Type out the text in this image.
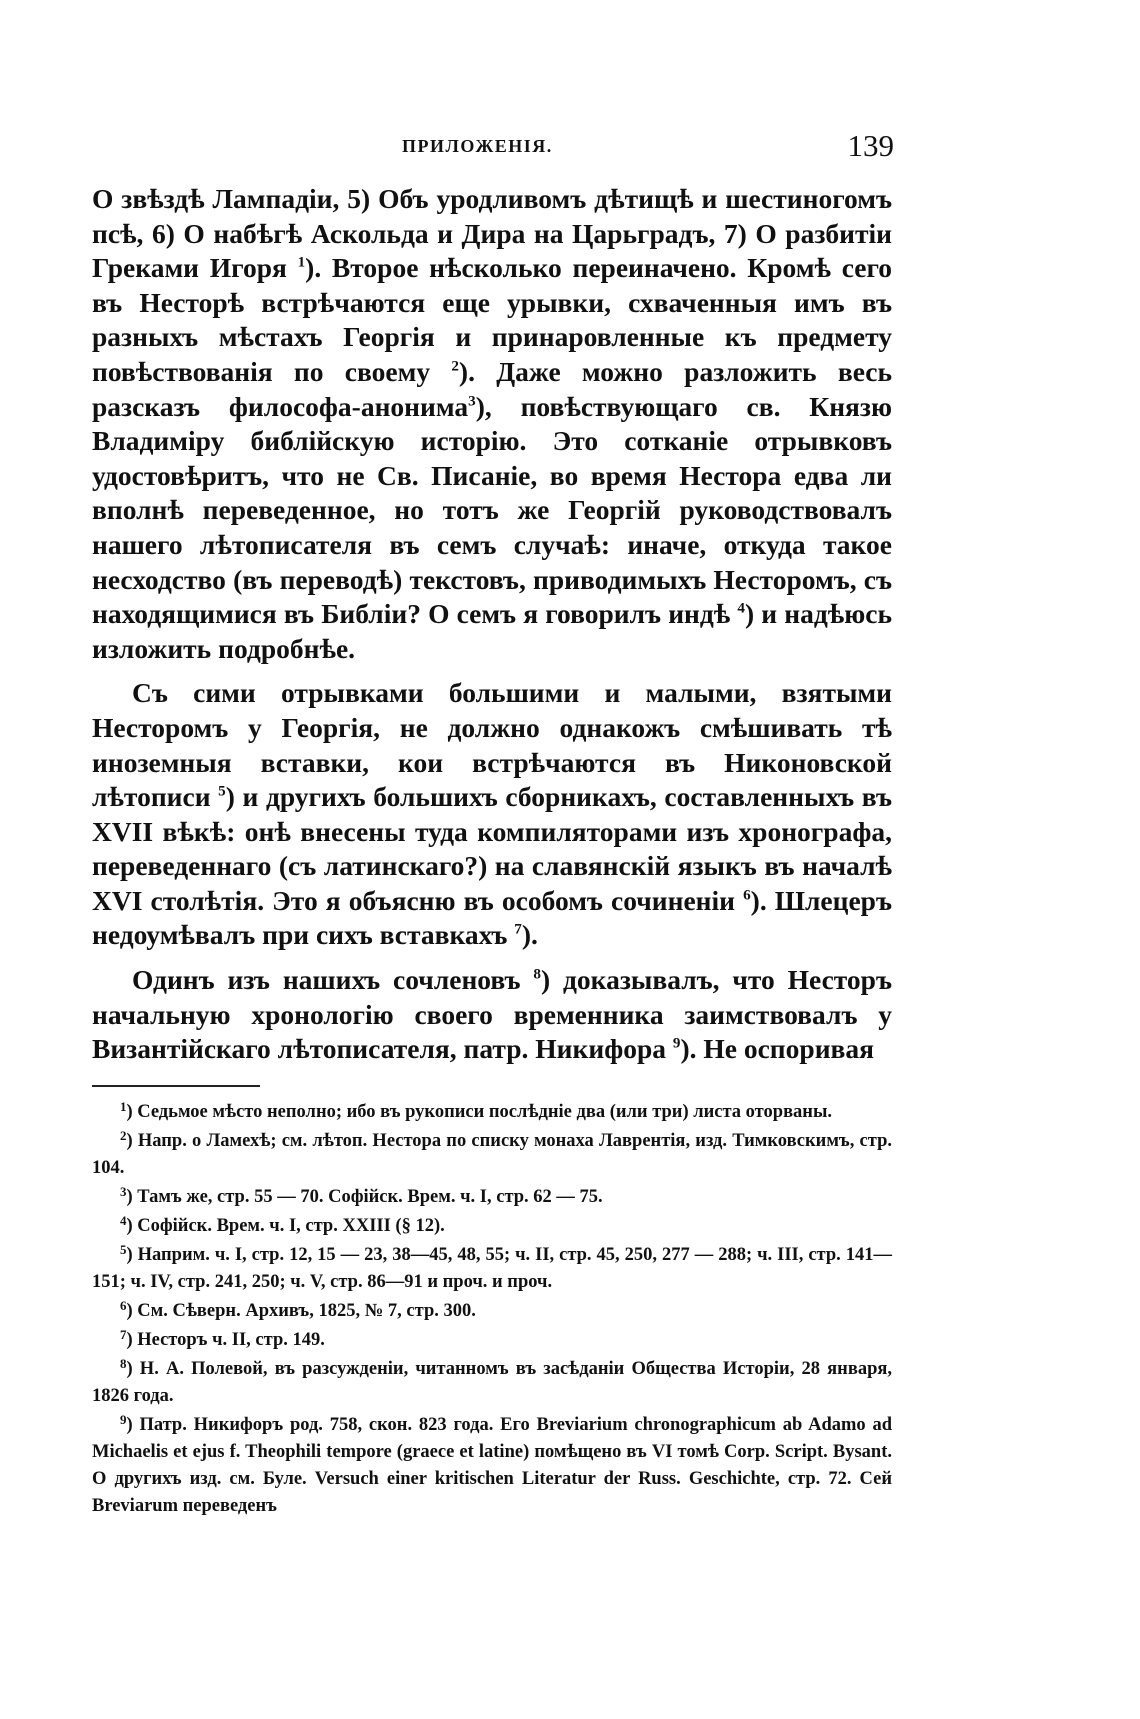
ПРИЛОЖЕНІЯ.	139

О звѣздѣ Лампадіи, 5) Объ уродливомъ дѣтищѣ и шестиногомъ псѣ, 6) О набѣгѣ Аскольда и Дира на Царьградъ, 7) О разбитіи Греками Игоря $^1$). Второе нѣсколько переиначено. Кромѣ сего въ Несторѣ встрѣчаются еще урывки, схваченныя имъ въ разныхъ мѣстахъ Георгія и принаровленные къ предмету повѣствованія по своему $^2$). Даже можно разложить весь разсказъ философа-анонима$^3$), повѣствующаго св. Князю Владиміру библійскую исторію. Это сотканіе отрывковъ удостовѣритъ, что не Св. Писаніе, во время Нестора едва ли вполнѣ переведенное, но тотъ же Георгій руководствовалъ нашего лѣтописателя въ семъ случаѣ: иначе, откуда такое несходство (въ переводѣ) текстовъ, приводимыхъ Несторомъ, съ находящимися въ Библіи? О семъ я говорилъ индѣ $^4$) и надѣюсь изложить подробнѣе.

Съ сими отрывками большими и малыми, взятыми Несторомъ у Георгія, не должно однакожъ смѣшивать тѣ иноземныя вставки, кои встрѣчаются въ Никоновской лѣтописи $^5$) и другихъ большихъ сборникахъ, составленныхъ въ XVII вѣкѣ: онѣ внесены туда компиляторами изъ хронографа, переведеннаго (съ латинскаго?) на славянскій языкъ въ началѣ XVI столѣтія. Это я объясню въ особомъ сочиненіи $^6$). Шлецеръ недоумѣвалъ при сихъ вставкахъ $^7$).

Одинъ изъ нашихъ сочленовъ $^8$) доказывалъ, что Несторъ начальную хронологію своего временника заимствовалъ у Византійскаго лѣтописателя, патр. Никифора $^9$). Не оспоривая

$^1$) Седьмое мѣсто неполно; ибо въ рукописи послѣдніе два (или три) листа оторваны.
$^2$) Напр. о Ламехѣ; см. лѣтоп. Нестора по списку монаха Лаврентія, изд. Тимковскимъ, стр. 104.
$^3$) Тамъ же, стр. 55 — 70. Софійск. Врем. ч. I, стр. 62 — 75.
$^4$) Софійск. Врем. ч. I, стр. XXIII (§ 12).
$^5$) Наприм. ч. I, стр. 12, 15 — 23, 38—45, 48, 55; ч. II, стр. 45, 250, 277 — 288; ч. III, стр. 141—151; ч. IV, стр. 241, 250; ч. V, стр. 86—91 и проч. и проч.
$^6$) См. Сѣверн. Архивъ, 1825, № 7, стр. 300.
$^7$) Несторъ ч. II, стр. 149.
$^8$) Н. А. Полевой, въ разсужденіи, читанномъ въ засѣданіи Общества Исторіи, 28 января, 1826 года.
$^9$) Патр. Никифоръ род. 758, скон. 823 года. Его Breviarium chronographicum ab Adamo ad Michaelis et ejus f. Theophili tempore (graece et latine) помѣщено въ VI томѣ Corp. Script. Bysant. О другихъ изд. см. Буле. Versuch einer kritischen Literatur der Russ. Geschichte, стр. 72. Сей Breviarum переведенъ
